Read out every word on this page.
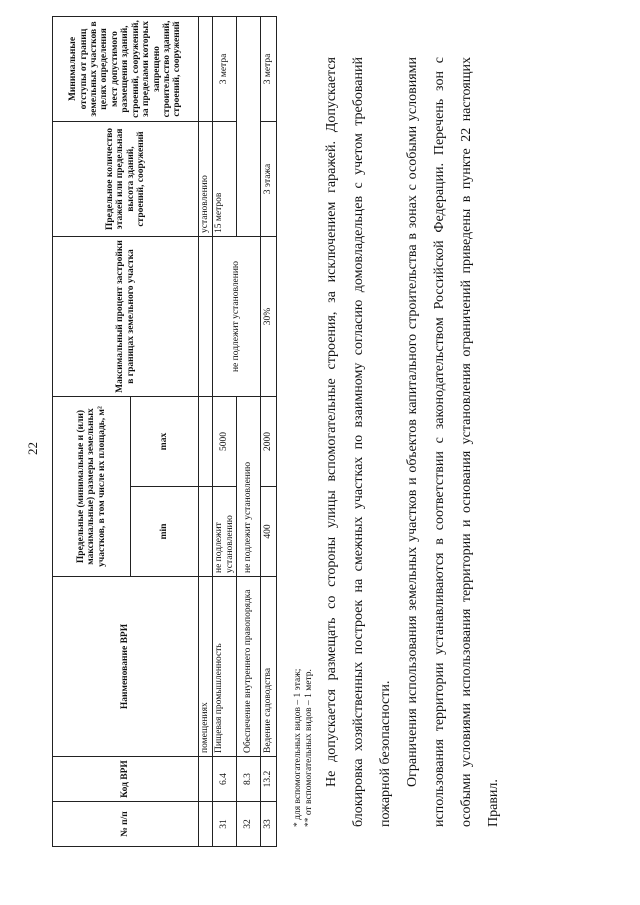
22
№ п/п	Код ВРИ	Наименование ВРИ	Предельные (минимальные и (или) максимальные) размеры земельных участков, в том числе их площадь, м²		Максимальный процент застройки в границах земельного участка	Предельное количество этажей или предельная высота зданий, строений, сооружений	Минимальные отступы от границ земельных участков в целях определения мест допустимого размещения зданий, строений, сооружений, за пределами которых запрещено строительство зданий, строений, сооружений
			min	max			
		помещениях				установлению	
31	6.4	Пищевая промышленность	не подлежит установлению	5000	не подлежит установлению	15 метров	3 метра
32	8.3	Обеспечение внутреннего правопорядка	не подлежит установлению				
33	13.2	Ведение садоводства	400	2000	30%	3 этажа	3 метра
* для вспомогательных видов – 1 этаж; ** от вспомогательных видов – 1 метр. Не допускается размещать со стороны улицы вспомогательные строения, за исключением гаражей. Допускается блокировка хозяйственных построек на смежных участках по взаимному согласию домовладельцев с учетом требований пожарной безопасности. Ограничения использования земельных участков и объектов капитального строительства в зонах с особыми условиями использования территории устанавливаются в соответствии с законодательством Российской Федерации. Перечень зон с особыми условиями использования территории и основания установления ограничений приведены в пункте 22 настоящих Правил.
